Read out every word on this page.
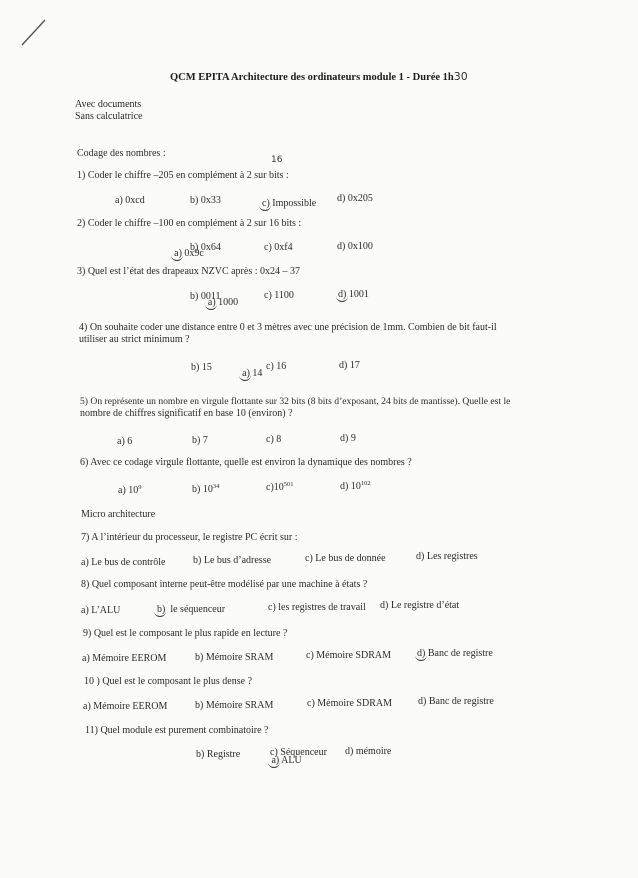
QCM EPITA Architecture des ordinateurs module 1 - Durée 1h30
Avec documents
Sans calculatrice
Codage des nombres :
16
1) Coder le chiffre –205 en complément à 2 sur bits :
a) 0xcd	b) 0x33	c) Impossible d) 0x205
2) Coder le chiffre –100 en complément à 2 sur 16 bits :
a) 0x9c
b) 0x64	c) 0xf4	d) 0x100
3) Quel est l’état des drapeaux NZVC après : 0x24 – 37
a) 1000
b) 0011	c) 1100	d) 1001
4) On souhaite coder une distance entre 0 et 3 mètres avec une précision de 1mm. Combien de bit faut-il
utiliser au strict minimum ?
a) 14
b) 15	c) 16	d) 17
5) On représente un nombre en virgule flottante sur 32 bits (8 bits d’exposant, 24 bits de mantisse). Quelle est le
nombre de chiffres significatif en base 10 (environ) ?
a) 6	b) 7	c) 8	d) 9
6) Avec ce codage virgule flottante, quelle est environ la dynamique des nombres ?
a) $10^9$	b) $10^{34}$	$c)10^{501}$	d) $10^{102}$
Micro architecture
7) A l’intérieur du processeur, le registre PC écrit sur :
a) Le bus de contrôle	b) Le bus d’adresse	c) Le bus de donnée	d) Les registres
8) Quel composant interne peut-être modélisé par une machine à états ?
a) L’ALU	b) le séquenceur	c) les registres de travail d) Le registre d’état
9) Quel est le composant le plus rapide en lecture ?
a) Mémoire EEROM	b) Mémoire SRAM	c) Mémoire SDRAM	d) Banc de registre
10 ) Quel est le composant le plus dense ?
a) Mémoire EEROM	b) Mémoire SRAM	c) Mémoire SDRAM	d) Banc de registre
11) Quel module est purement combinatoire ?
a) ALU
b) Registre	c) Séquenceur d) mémoire
